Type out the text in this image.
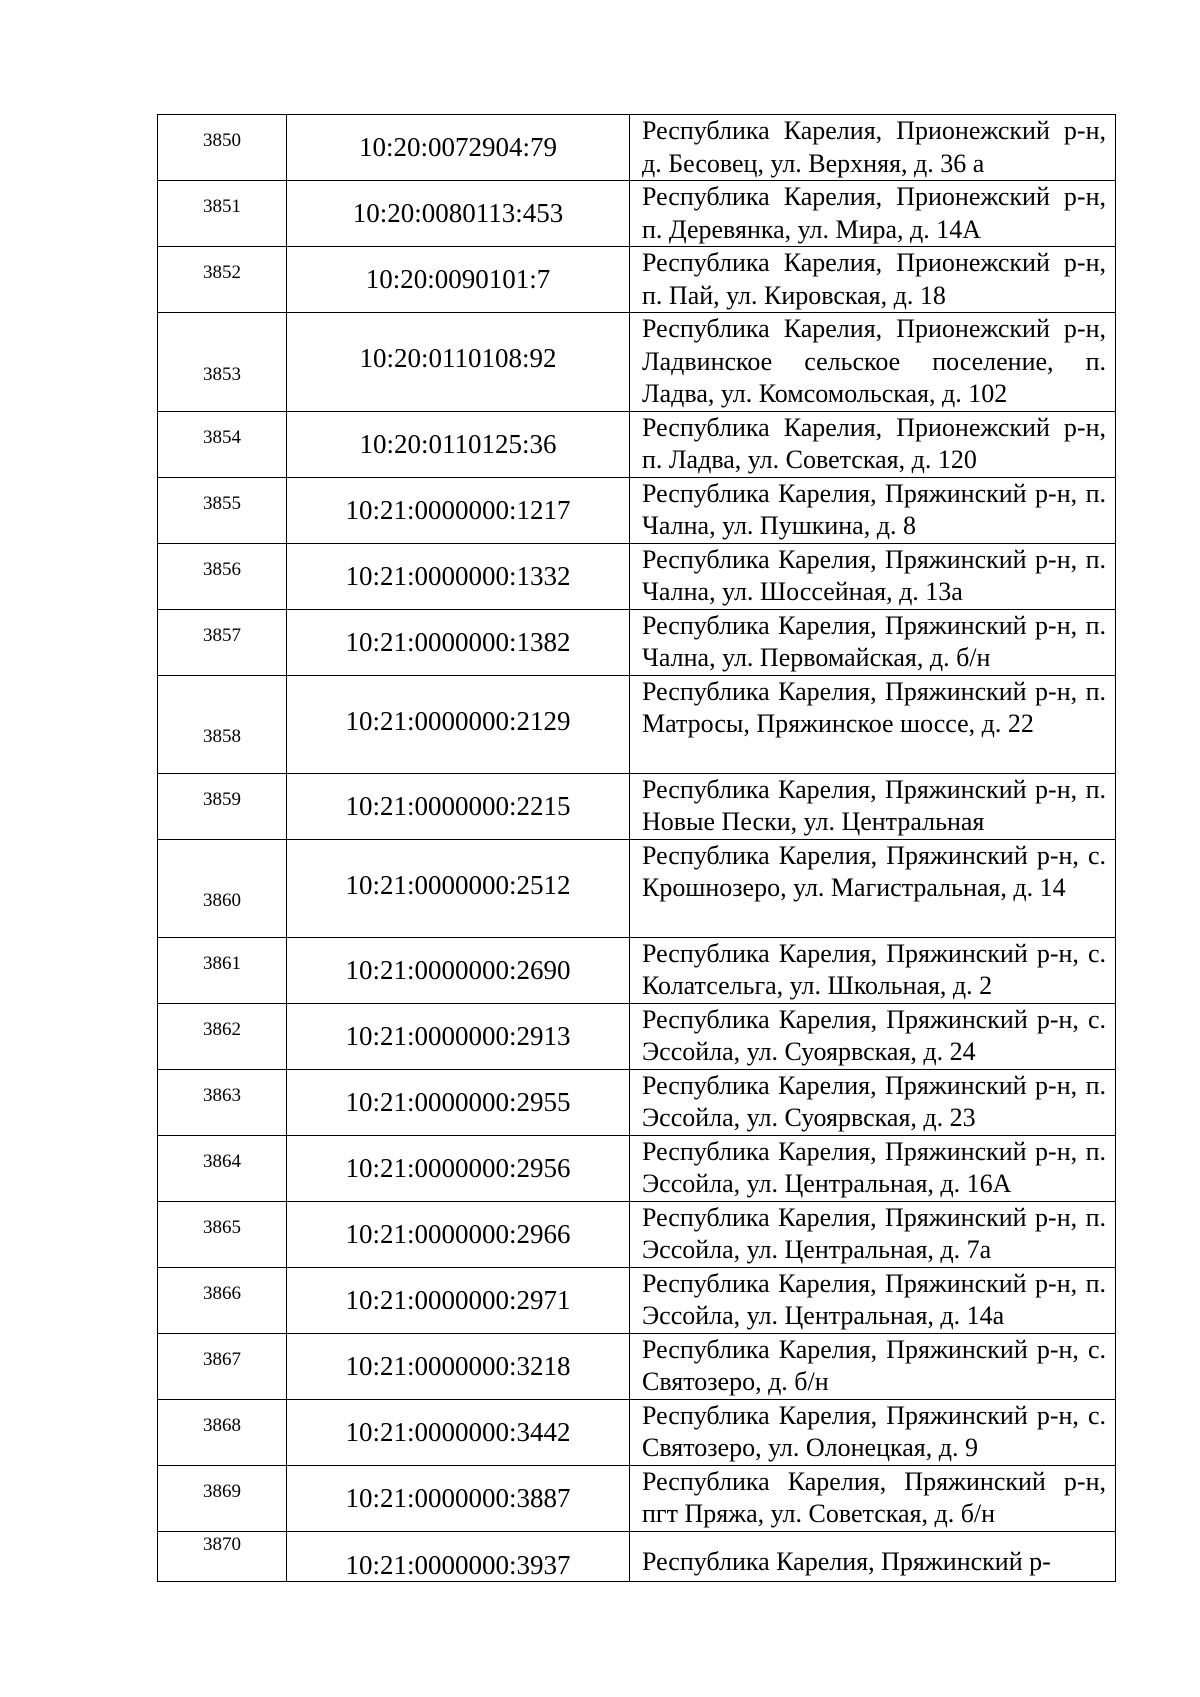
3850	10:20:0072904:79	Республика Карелия, Прионежский р-н, д. Бесовец, ул. Верхняя, д. 36 а

3851	10:20:0080113:453	Республика Карелия, Прионежский р-н, п. Деревянка, ул. Мира, д. 14А

3852	10:20:0090101:7	Республика Карелия, Прионежский р-н, п. Пай, ул. Кировская, д. 18

3853	10:20:0110108:92	Республика Карелия, Прионежский р-н, Ладвинское сельское поселение, п. Ладва, ул. Комсомольская, д. 102

3854	10:20:0110125:36	Республика Карелия, Прионежский р-н, п. Ладва, ул. Советская, д. 120

3855	10:21:0000000:1217	Республика Карелия, Пряжинский р-н, п. Чална, ул. Пушкина, д. 8

3856	10:21:0000000:1332	Республика Карелия, Пряжинский р-н, п. Чална, ул. Шоссейная, д. 13а

3857	10:21:0000000:1382	Республика Карелия, Пряжинский р-н, п. Чална, ул. Первомайская, д. б/н

3858	10:21:0000000:2129	Республика Карелия, Пряжинский р-н, п. Матросы, Пряжинское шоссе, д. 22

3859	10:21:0000000:2215	Республика Карелия, Пряжинский р-н, п. Новые Пески, ул. Центральная

3860	10:21:0000000:2512	Республика Карелия, Пряжинский р-н, с. Крошнозеро, ул. Магистральная, д. 14

3861	10:21:0000000:2690	Республика Карелия, Пряжинский р-н, с. Колатсельга, ул. Школьная, д. 2

3862	10:21:0000000:2913	Республика Карелия, Пряжинский р-н, с. Эссойла, ул. Суоярвская, д. 24

3863	10:21:0000000:2955	Республика Карелия, Пряжинский р-н, п. Эссойла, ул. Суоярвская, д. 23

3864	10:21:0000000:2956	Республика Карелия, Пряжинский р-н, п. Эссойла, ул. Центральная, д. 16А

3865	10:21:0000000:2966	Республика Карелия, Пряжинский р-н, п. Эссойла, ул. Центральная, д. 7а

3866	10:21:0000000:2971	Республика Карелия, Пряжинский р-н, п. Эссойла, ул. Центральная, д. 14а

3867	10:21:0000000:3218	Республика Карелия, Пряжинский р-н, с. Святозеро, д. б/н

3868	10:21:0000000:3442	Республика Карелия, Пряжинский р-н, с. Святозеро, ул. Олонецкая, д. 9

3869	10:21:0000000:3887	Республика Карелия, Пряжинский р-н, пгт Пряжа, ул. Советская, д. б/н

3870	10:21:0000000:3937	Республика Карелия, Пряжинский р-
